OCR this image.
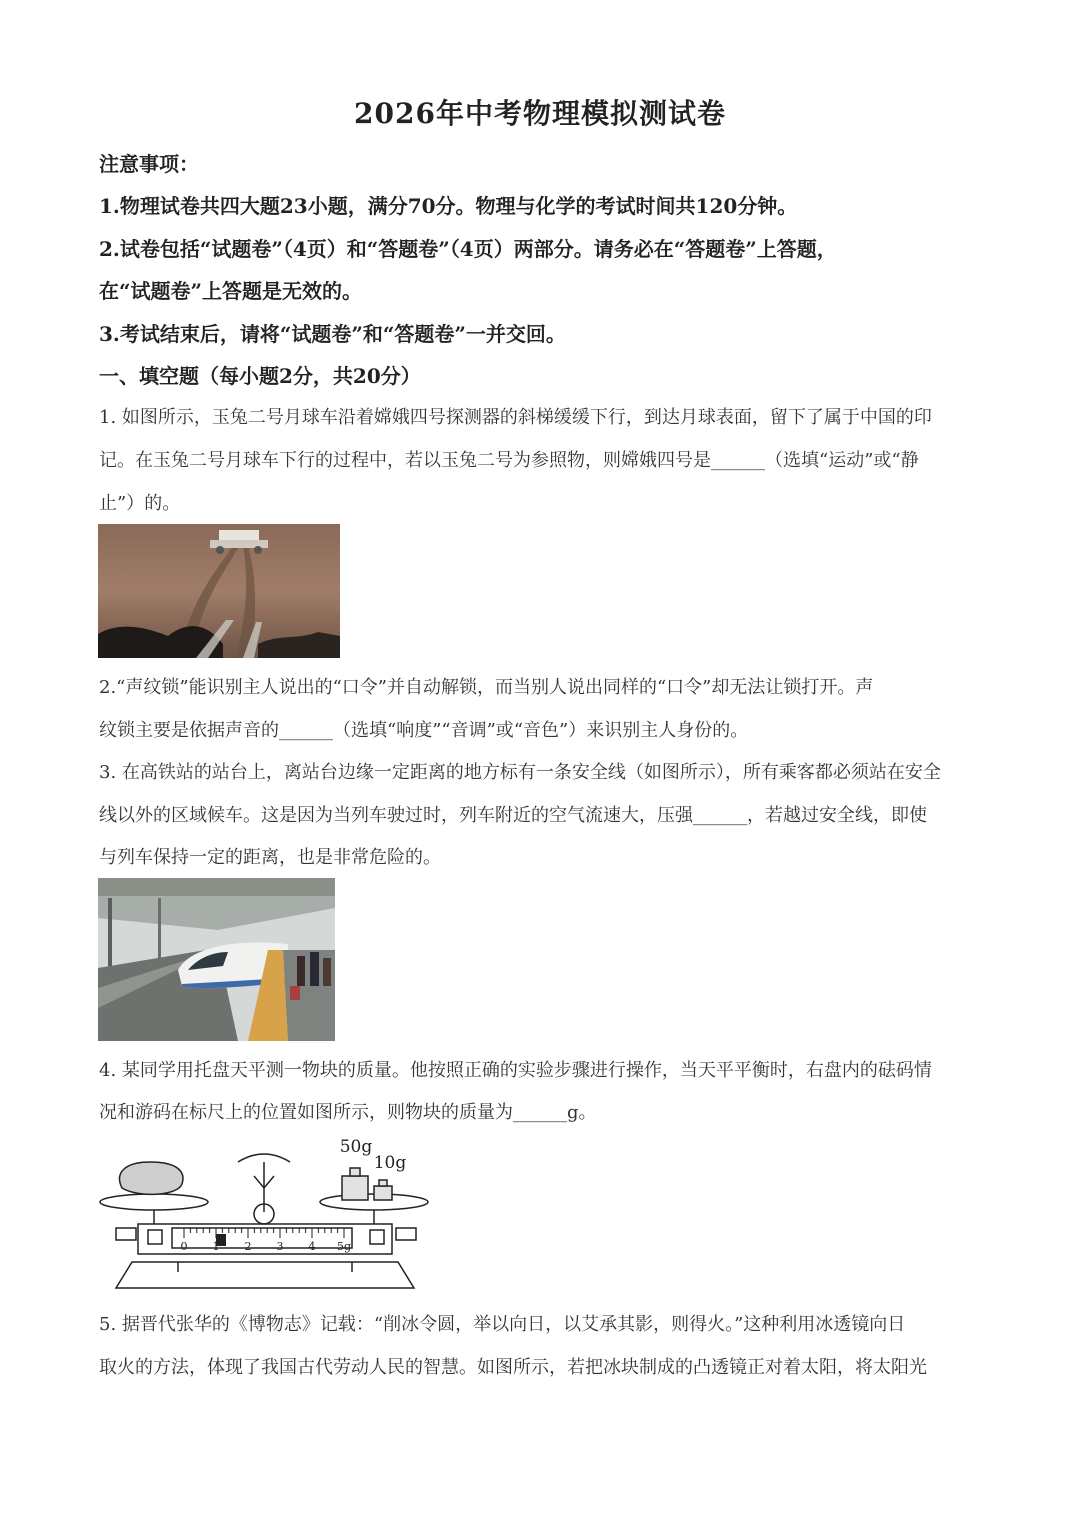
2026年中考物理模拟测试卷

注意事项：

1.物理试卷共四大题23小题，满分70分。物理与化学的考试时间共120分钟。

2.试卷包括“试题卷”（4页）和“答题卷”（4页）两部分。请务必在“答题卷”上答题，

在“试题卷”上答题是无效的。

3.考试结束后，请将“试题卷”和“答题卷”一并交回。

一、填空题（每小题2分，共20分）

1. 如图所示，玉兔二号月球车沿着嫦娥四号探测器的斜梯缓缓下行，到达月球表面，留下了属于中国的印

记。在玉兔二号月球车下行的过程中，若以玉兔二号为参照物，则嫦娥四号是______（选填“运动”或“静

止”）的。

2.“声纹锁”能识别主人说出的“口令”并自动解锁，而当别人说出同样的“口令”却无法让锁打开。声

纹锁主要是依据声音的______（选填“响度”“音调”或“音色”）来识别主人身份的。

3. 在高铁站的站台上，离站台边缘一定距离的地方标有一条安全线（如图所示），所有乘客都必须站在安全

线以外的区域候车。这是因为当列车驶过时，列车附近的空气流速大，压强______，若越过安全线，即使

与列车保持一定的距离，也是非常危险的。

4. 某同学用托盘天平测一物块的质量。他按照正确的实验步骤进行操作，当天平平衡时，右盘内的砝码情

况和游码在标尺上的位置如图所示，则物块的质量为______g。

0 1 2 3 4 5g
50g
10g

5. 据晋代张华的《博物志》记载：“削冰令圆，举以向日，以艾承其影，则得火。”这种利用冰透镜向日

取火的方法，体现了我国古代劳动人民的智慧。如图所示，若把冰块制成的凸透镜正对着太阳，将太阳光
